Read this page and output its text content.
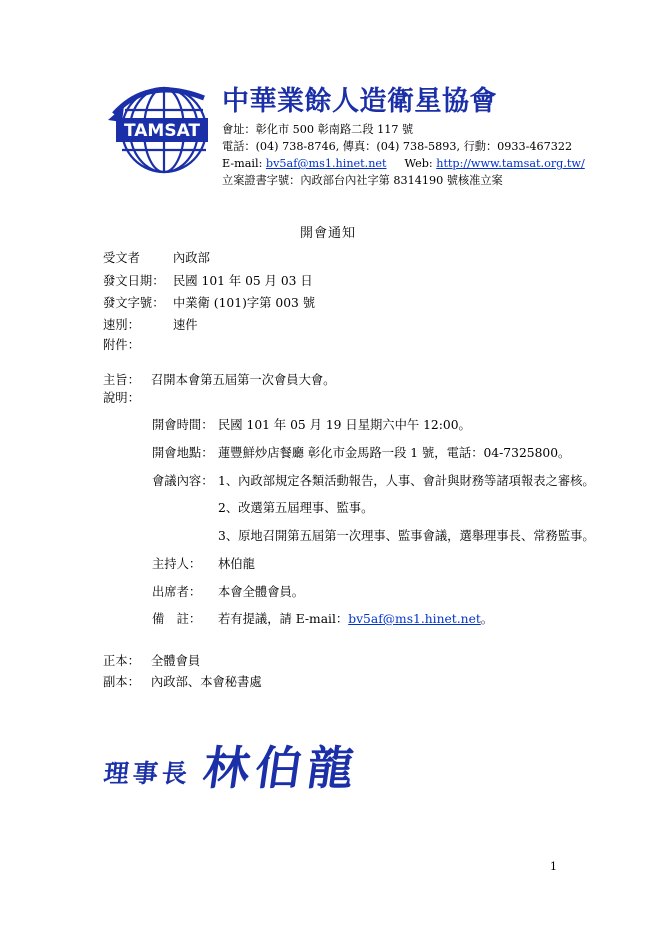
TAMSAT
中華業餘人造衛星協會
會址：彰化市 500 彰南路二段 117 號
電話：(04) 738-8746, 傳真：(04) 738-5893, 行動：0933-467322
E-mail: bv5af@ms1.hinet.net Web: http://www.tamsat.org.tw/
立案證書字號：內政部台內社字第 8314190 號核准立案
開會通知
受文者	內政部
發文日期： 民國 101 年 05 月 03 日
發文字號： 中業衛 (101)字第 003 號
速別：	速件
附件：
主旨： 召開本會第五屆第一次會員大會。
說明：
開會時間： 民國 101 年 05 月 19 日星期六中午 12:00。
開會地點： 蓮豐鮮炒店餐廳 彰化市金馬路一段 1 號，電話：04-7325800。
會議內容： 1、內政部規定各類活動報告，人事、會計與財務等諸項報表之審核。
2、改選第五屆理事、監事。
3、原地召開第五屆第一次理事、監事會議，選舉理事長、常務監事。
主持人： 林伯龍
出席者： 本會全體會員。
備　註： 若有提議，請 E-mail：bv5af@ms1.hinet.net。
正本： 全體會員
副本： 內政部、本會秘書處
理事長 林伯龍
1
